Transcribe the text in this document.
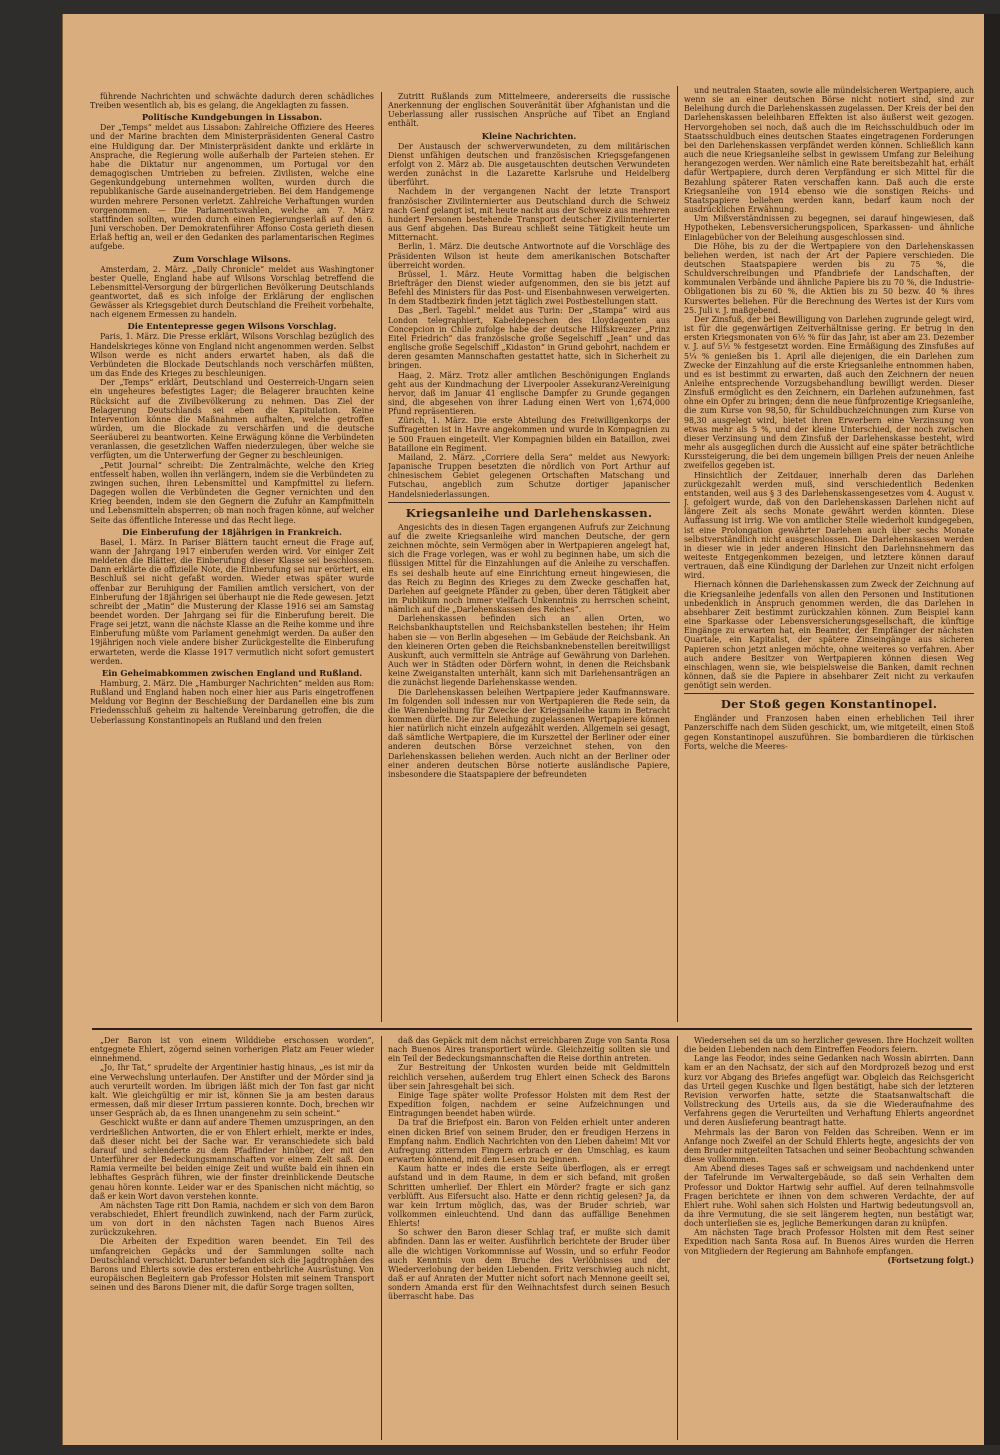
führende Nachrichten und schwächte dadurch deren schädliches Treiben wesentlich ab, bis es gelang, die Angeklagten zu fassen.

Politische Kundgebungen in Lissabon.

Der „Temps“ meldet aus Lissabon: Zahlreiche Offiziere des Heeres und der Marine brachten dem Ministerpräsidenten General Castro eine Huldigung dar. Der Ministerpräsident dankte und erklärte in Ansprache, die Regierung wolle außerhalb der Parteien stehen. Er habe die Diktatur nur angenommen, um Portugal vor den demagogischen Umtrieben zu befreien. Zivilisten, welche eine Gegenkundgebung unternehmen wollten, wurden durch die republikanische Garde auseinandergetrieben. Bei dem Handgemenge wurden mehrere Personen verletzt. Zahlreiche Verhaftungen wurden vorgenommen. — Die Parlamentswahlen, welche am 7. März stattfinden sollten, wurden durch einen Regierungserlaß auf den 6. Juni verschoben. Der Demokratenführer Affonso Costa gerieth diesen Erlaß heftig an, weil er den Gedanken des parlamentarischen Regimes aufgebe.

Zum Vorschlage Wilsons.

Amsterdam, 2. März. „Daily Chronicle“ meldet aus Washingtoner bester Quelle, England habe auf Wilsons Vorschlag betreffend die Lebensmittel-Versorgung der bürgerlichen Bevölkerung Deutschlands geantwortet, daß es sich infolge der Erklärung der englischen Gewässer als Kriegsgebiet durch Deutschland die Freiheit vorbehalte, nach eigenem Ermessen zu handeln.

Die Ententepresse gegen Wilsons Vorschlag.

Paris, 1. März. Die Presse erklärt, Wilsons Vorschlag bezüglich des Handelskrieges könne von England nicht angenommen werden. Selbst Wilson werde es nicht anders erwartet haben, als daß die Verbündeten die Blockade Deutschlands noch verschärfen müßten, um das Ende des Krieges zu beschleunigen.

Der „Temps“ erklärt, Deutschland und Oesterreich-Ungarn seien ein ungeheures befestigtes Lager; die Belagerer brauchten keine Rücksicht auf die Zivilbevölkerung zu nehmen. Das Ziel der Belagerung Deutschlands sei eben die Kapitulation. Keine Intervention könne die Maßnahmen aufhalten, welche getroffen würden, um die Blockade zu verschärfen und die deutsche Seeräuberei zu beantworten. Keine Erwägung könne die Verbündeten veranlassen, die gesetzlichen Waffen niederzulegen, über welche sie verfügten, um die Unterwerfung der Gegner zu beschleunigen.

„Petit Journal“ schreibt: Die Zentralmächte, welche den Krieg entfesselt haben, wollen ihn verlängern, indem sie die Verbündeten zu zwingen suchen, ihren Lebensmittel und Kampfmittel zu liefern. Dagegen wollen die Verbündeten die Gegner vernichten und den Krieg beenden, indem sie den Gegnern die Zufuhr an Kampfmitteln und Lebensmitteln absperren; ob man noch fragen könne, auf welcher Seite das öffentliche Interesse und das Recht liege.

Die Einberufung der 18jährigen in Frankreich.

Basel, 1. März. In Pariser Blättern taucht erneut die Frage auf, wann der Jahrgang 1917 einberufen werden wird. Vor einiger Zeit meldeten die Blätter, die Einberufung dieser Klasse sei beschlossen. Dann erklärte die offizielle Note, die Einberufung sei nur erörtert, ein Beschluß sei nicht gefaßt worden. Wieder etwas später wurde offenbar zur Beruhigung der Familien amtlich versichert, von der Einberufung der 18jährigen sei überhaupt nie die Rede gewesen. Jetzt schreibt der „Matin“ die Musterung der Klasse 1916 sei am Samstag beendet worden. Der Jahrgang sei für die Einberufung bereit. Die Frage sei jetzt, wann die nächste Klasse an die Reihe komme und ihre Einberufung müßte vom Parlament genehmigt werden. Da außer den 19jährigen noch viele andere bisher Zurückgestellte die Einberufung erwarteten, werde die Klasse 1917 vermutlich nicht sofort gemustert werden.

Ein Geheimabkommen zwischen England und Rußland.

Hamburg, 2. März. Die „Hamburger Nachrichten“ melden aus Rom: Rußland und England haben noch einer hier aus Paris eingetroffenen Meldung vor Beginn der Beschießung der Dardanellen eine bis zum Friedensschluß geheim zu haltende Vereinbarung getroffen, die die Ueberlassung Konstantinopels an Rußland und den freien

Zutritt Rußlands zum Mittelmeere, andererseits die russische Anerkennung der englischen Souveränität über Afghanistan und die Ueberlassung aller russischen Ansprüche auf Tibet an England enthält.

Kleine Nachrichten.

Der Austausch der schwerverwundeten, zu dem militärischen Dienst unfähigen deutschen und französischen Kriegsgefangenen erfolgt von 2. März ab. Die ausgetauschten deutschen Verwundeten werden zunächst in die Lazarette Karlsruhe und Heidelberg überführt.

Nachdem in der vergangenen Nacht der letzte Transport französischer Zivilinternierter aus Deutschland durch die Schweiz nach Genf gelangt ist, mit heute nacht aus der Schweiz aus mehreren hundert Personen bestehende Transport deutscher Zivilinternierter aus Genf abgehen. Das Bureau schließt seine Tätigkeit heute um Mitternacht.

Berlin, 1. März. Die deutsche Antwortnote auf die Vorschläge des Präsidenten Wilson ist heute dem amerikanischen Botschafter überreicht worden.

Brüssel, 1. März. Heute Vormittag haben die belgischen Briefträger den Dienst wieder aufgenommen, den sie bis jetzt auf Befehl des Ministers für das Post- und Eisenbahnwesen verweigerten. In dem Stadtbezirk finden jetzt täglich zwei Postbestellungen statt.

Das „Berl. Tagebl.“ meldet aus Turin: Der „Stampa“ wird aus London telegraphiert, Kabeldepeschen des Lloydagenten aus Concepcion in Chile zufolge habe der deutsche Hilfskreuzer „Prinz Eitel Friedrich“ das französische große Segelschiff „Jean“ und das englische große Segelschiff „Kidaston“ in Grund gebohrt, nachdem er deren gesamten Mannschaften gestattet hatte, sich in Sicherheit zu bringen.

Haag, 2. März. Trotz aller amtlichen Beschönigungen Englands geht aus der Kundmachung der Liverpooler Assekuranz-Vereinigung hervor, daß im Januar 41 englische Dampfer zu Grunde gegangen sind, die abgesehen von ihrer Ladung einen Wert von 1,674,000 Pfund repräsentieren.

Zürich, 1. März. Die erste Abteilung des Freiwilligenkorps der Suffragetten ist in Havre angekommen und wurde in Kompagnien zu je 500 Frauen eingeteilt. Vier Kompagnien bilden ein Bataillon, zwei Bataillone ein Regiment.

Mailand, 2. März. „Corriere della Sera“ meldet aus Newyork: Japanische Truppen besetzten die nördlich von Port Arthur auf chinesischem Gebiet gelegenen Ortschaften Matschang und Futschau, angeblich zum Schutze dortiger japanischer Handelsniederlassungen.

Kriegsanleihe und Darlehenskassen.

Angesichts des in diesen Tagen ergangenen Aufrufs zur Zeichnung auf die zweite Kriegsanleihe wird manchen Deutsche, der gern zeichnen möchte, sein Vermögen aber in Wertpapieren angelegt hat, sich die Frage vorlegen, was er wohl zu beginnen habe, um sich die flüssigen Mittel für die Einzahlungen auf die Anleihe zu verschaffen. Es sei deshalb heute auf eine Einrichtung erneut hingewiesen, die das Reich zu Beginn des Krieges zu dem Zwecke geschaffen hat, Darlehen auf geeignete Pfänder zu geben, über deren Tätigkeit aber im Publikum noch immer vielfach Unkenntnis zu herrschen scheint, nämlich auf die „Darlehenskassen des Reiches“.

Darlehenskassen befinden sich an allen Orten, wo Reichsbankhauptstellen und Reichsbankstellen bestehen; ihr Heim haben sie — von Berlin abgesehen — im Gebäude der Reichsbank. An den kleineren Orten geben die Reichsbanknebenstellen bereitwilligst Auskunft, auch vermitteln sie Anträge auf Gewährung von Darlehen. Auch wer in Städten oder Dörfern wohnt, in denen die Reichsbank keine Zweiganstalten unterhält, kann sich mit Darlehensanträgen an die zunächst liegende Darlehenskasse wenden.

Die Darlehenskassen beleihen Wertpapiere jeder Kaufmannsware. Im folgenden soll indessen nur von Wertpapieren die Rede sein, da die Warenbeleihung für Zwecke der Kriegsanleihe kaum in Betracht kommen dürfte. Die zur Beleihung zugelassenen Wertpapiere können hier natürlich nicht einzeln aufgezählt werden. Allgemein sei gesagt, daß sämtliche Wertpapiere, die im Kurszettel der Berliner oder einer anderen deutschen Börse verzeichnet stehen, von den Darlehenskassen beliehen werden. Auch nicht an der Berliner oder einer anderen deutschen Börse notierte ausländische Papiere, insbesondere die Staatspapiere der befreundeten

und neutralen Staaten, sowie alle mündelsicheren Wertpapiere, auch wenn sie an einer deutschen Börse nicht notiert sind, sind zur Beleihung durch die Darlehenskassen zugelassen. Der Kreis der bei den Darlehenskassen beleihbaren Effekten ist also äußerst weit gezogen. Hervorgehoben sei noch, daß auch die im Reichsschuldbuch oder im Staatsschuldbuch eines deutschen Staates eingetragenen Forderungen bei den Darlehenskassen verpfändet werden können. Schließlich kann auch die neue Kriegsanleihe selbst in gewissem Umfang zur Beleihung herangezogen werden. Wer nämlich eine Rate bereitsbezahlt hat, erhält dafür Wertpapiere, durch deren Verpfändung er sich Mittel für die Bezahlung späterer Raten verschaffen kann. Daß auch die erste Kriegsanleihe von 1914 ebenso wie die sonstigen Reichs- und Staatspapiere beliehen werden kann, bedarf kaum noch der ausdrücklichen Erwähnung.

Um Mißverständnissen zu begegnen, sei darauf hingewiesen, daß Hypotheken, Lebensversicherungspolicen, Sparkassen- und ähnliche Einlagebücher von der Beleihung ausgeschlossen sind.

Die Höhe, bis zu der die Wertpapiere von den Darlehenskassen beliehen werden, ist nach der Art der Papiere verschieden. Die deutschen Staatspapiere werden bis zu 75 %, die Schuldverschreibungen und Pfandbriefe der Landschaften, der kommunalen Verbände und ähnliche Papiere bis zu 70 %, die Industrie-Obligationen bis zu 60 %, die Aktien bis zu 50 bezw. 40 % ihres Kurswertes beliehen. Für die Berechnung des Wertes ist der Kurs vom 25. Juli v. J. maßgebend.

Der Zinsfuß, der bei Bewilligung von Darlehen zugrunde gelegt wird, ist für die gegenwärtigen Zeitverhältnisse gering. Er betrug in den ersten Kriegsmonaten von 6½ % für das Jahr, ist aber am 23. Dezember v. J. auf 5½ % festgesetzt worden. Eine Ermäßigung des Zinsfußes auf 5¼ % genießen bis 1. April alle diejenigen, die ein Darlehen zum Zwecke der Einzahlung auf die erste Kriegsanleihe entnommen haben, und es ist bestimmt zu erwarten, daß auch den Zeichnern der neuen Anleihe entsprechende Vorzugsbehandlung bewilligt werden. Dieser Zinsfuß ermöglicht es den Zeichnern, ein Darlehen aufzunehmen, fast ohne ein Opfer zu bringen; denn die neue fünfprozentige Kriegsanleihe, die zum Kurse von 98,50, für Schuldbuchzeichnungen zum Kurse von 98,30 ausgelegt wird, bietet ihren Erwerbern eine Verzinsung von etwas mehr als 5 %, und der kleine Unterschied, der noch zwischen dieser Verzinsung und dem Zinsfuß der Darlehenskasse besteht, wird mehr als ausgeglichen durch die Aussicht auf eine später beträchtliche Kurssteigerung, die bei dem ungemein billigen Preis der neuen Anleihe zweifellos gegeben ist.

Hinsichtlich der Zeitdauer, innerhalb deren das Darlehen zurückgezahlt werden muß, sind verschiedentlich Bedenken entstanden, weil aus § 3 des Darlehenskassengesetzes vom 4. August v. J. gefolgert wurde, daß von den Darlehenskassen Darlehen nicht auf längere Zeit als sechs Monate gewährt werden könnten. Diese Auffassung ist irrig. Wie von amtlicher Stelle wiederholt kundgegeben, ist eine Prolongation gewährter Darlehen auch über sechs Monate selbstverständlich nicht ausgeschlossen. Die Darlehenskassen werden in dieser wie in jeder anderen Hinsicht den Darlehnsnehmern das weiteste Entgegenkommen bezeigen, und letztere können darauf vertrauen, daß eine Kündigung der Darlehen zur Unzeit nicht erfolgen wird.

Hiernach können die Darlehenskassen zum Zweck der Zeichnung auf die Kriegsanleihe jedenfalls von allen den Personen und Institutionen unbedenklich in Anspruch genommen werden, die das Darlehen in absehbarer Zeit bestimmt zurückzahlen können. Zum Beispiel kann eine Sparkasse oder Lebensversicherungsgesellschaft, die künftige Eingänge zu erwarten hat, ein Beamter, der Empfänger der nächsten Quartale, ein Kapitalist, der spätere Zinseingänge aus sicheren Papieren schon jetzt anlegen möchte, ohne weiteres so verfahren. Aber auch andere Besitzer von Wertpapieren können diesen Weg einschlagen, wenn sie, wie beispielsweise die Banken, damit rechnen können, daß sie die Papiere in absehbarer Zeit nicht zu verkaufen genötigt sein werden.

Der Stoß gegen Konstantinopel.

Engländer und Franzosen haben einen erheblichen Teil ihrer Panzerschiffe nach dem Süden geschickt, um, wie mitgeteilt, einen Stoß gegen Konstantinopel auszuführen. Sie bombardieren die türkischen Forts, welche die Meeres-

„Der Baron ist von einem Wilddiebe erschossen worden“, entgegnete Ehlert, zögernd seinen vorherigen Platz am Feuer wieder einnehmend.

„Jo, Ihr Tat,“ sprudelte der Argentinier hastig hinaus, „es ist mir da eine Verwechslung unterlaufen. Der Anstifter und der Mörder sind ja auch verurteilt worden. Im übrigen läßt mich der Ton fast gar nicht kalt. Wie gleichgültig er mir ist, können Sie ja am besten daraus ermessen, daß mir dieser Irrtum passieren konnte. Doch, brechen wir unser Gespräch ab, da es Ihnen unangenehm zu sein scheint.“

Geschickt wußte er dann auf andere Themen umzuspringen, an den verdrießlichen Antworten, die er von Ehlert erhielt, merkte er indes, daß dieser nicht bei der Sache war. Er veranschiedete sich bald darauf und schlenderte zu dem Pfadfinder hinüber, der mit den Unterführer der Bedeckungsmannschaften vor einem Zelt saß. Don Ramia vermeilte bei beiden einige Zeit und wußte bald ein ihnen ein lebhaftes Gespräch führen, wie der finster dreinblickende Deutsche genau hören konnte. Leider war er des Spanischen nicht mächtig, so daß er kein Wort davon verstehen konnte.

Am nächsten Tage ritt Don Ramia, nachdem er sich von dem Baron verabschiedet, Ehlert freundlich zuwinkend, nach der Farm zurück, um von dort in den nächsten Tagen nach Buenos Aires zurückzukehren.

Die Arbeiten der Expedition waren beendet. Ein Teil des umfangreichen Gepäcks und der Sammlungen sollte nach Deutschland verschickt. Darunter befanden sich die Jagdtrophäen des Barons und Ehlerts sowie des ersteren entbehrliche Ausrüstung. Von europäischen Begleitern gab Professor Holsten mit seinem Transport seinen und des Barons Diener mit, die dafür Sorge tragen sollten,

daß das Gepäck mit dem nächst erreichbaren Zuge von Santa Rosa nach Buenos Aires transportiert würde. Gleichzeitig sollten sie und ein Teil der Bedeckungsmannschaften die Reise dorthin antreten.

Zur Bestreitung der Unkosten wurden beide mit Geldmitteln reichlich versehen, außerdem trug Ehlert einen Scheck des Barons über sein Jahresgehalt bei sich.

Einige Tage später wollte Professor Holsten mit dem Rest der Expedition folgen, nachdem er seine Aufzeichnungen und Eintragungen beendet haben würde.

Da traf die Briefpost ein. Baron von Felden erhielt unter anderen einen dicken Brief von seinem Bruder, den er freudigen Herzens in Empfang nahm. Endlich Nachrichten von den Lieben daheim! Mit vor Aufregung zitternden Fingern erbrach er den Umschlag, es kaum erwarten könnend, mit dem Lesen zu beginnen.

Kaum hatte er indes die erste Seite überflogen, als er erregt aufstand und in dem Raume, in dem er sich befand, mit großen Schritten umherlief. Der Ehlert ein Mörder? fragte er sich ganz verblüfft. Aus Eifersucht also. Hatte er denn richtig gelesen? Ja, da war kein Irrtum möglich, das, was der Bruder schrieb, war vollkommen einleuchtend. Und dann das auffällige Benehmen Ehlerts!

So schwer den Baron dieser Schlag traf, er mußte sich damit abfinden. Dann las er weiter. Ausführlich berichtete der Bruder über alle die wichtigen Vorkommnisse auf Wossin, und so erfuhr Feodor auch Kenntnis von dem Bruche des Verlöbnisses und der Wiederverlobung der beiden Liebenden. Fritz verschwieg auch nicht, daß er auf Anraten der Mutter nicht sofort nach Mennone geeilt sei, sondern Amanda erst für den Weihnachtsfest durch seinen Besuch überrascht habe. Das

Wiedersehen sei da um so herzlicher gewesen. Ihre Hochzeit wollten die beiden Liebenden nach dem Eintreffen Feodors feiern.

Lange las Feodor, indes seine Gedanken nach Wossin abirrten. Dann kam er an den Nachsatz, der sich auf den Mordprozeß bezog und erst kurz vor Abgang des Briefes angefügt war. Obgleich das Reichsgericht das Urteil gegen Kuschke und Ilgen bestätigt, habe sich der letzteren Revision verworfen hatte, setzte die Staatsanwaltschaft die Vollstreckung des Urteils aus, da sie die Wiederaufnahme des Verfahrens gegen die Verurteilten und Verhaftung Ehlerts angeordnet und deren Auslieferung beantragt hatte.

Mehrmals las der Baron von Felden das Schreiben. Wenn er im Anfange noch Zweifel an der Schuld Ehlerts hegte, angesichts der von dem Bruder mitgeteilten Tatsachen und seiner Beobachtung schwanden diese vollkommen.

Am Abend dieses Tages saß er schweigsam und nachdenkend unter der Tafelrunde im Verwaltergebäude, so daß sein Verhalten dem Professor und Doktor Hartwig sehr auffiel. Auf deren teilnahmsvolle Fragen berichtete er ihnen von dem schweren Verdachte, der auf Ehlert ruhe. Wohl sahen sich Holsten und Hartwig bedeutungsvoll an, da ihre Vermutung, die sie seit längerem hegten, nun bestätigt war, doch unterließen sie es, jegliche Bemerkungen daran zu knüpfen.

Am nächsten Tage brach Professor Holsten mit dem Rest seiner Expedition nach Santa Rosa auf. In Buenos Aires wurden die Herren von Mitgliedern der Regierung am Bahnhofe empfangen.

(Fortsetzung folgt.)
